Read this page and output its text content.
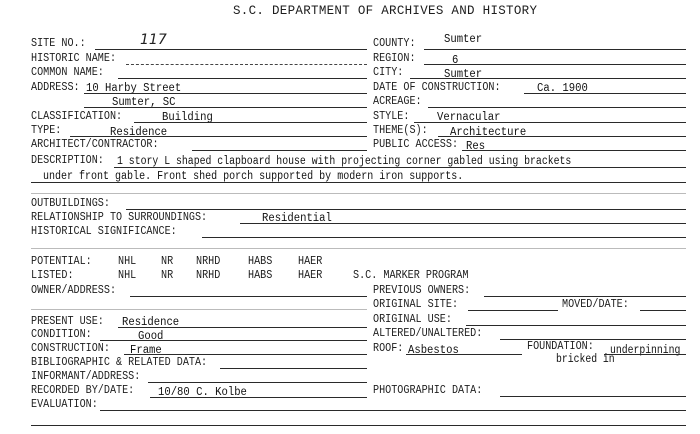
S.C. DEPARTMENT OF ARCHIVES AND HISTORY
SITE NO.:	117
HISTORIC NAME:
COMMON NAME:
ADDRESS: 10 Harby Street
Sumter, SC
CLASSIFICATION:	Building
TYPE:	Residence
ARCHITECT/CONTRACTOR:
COUNTY: Sumter
REGION:	6
CITY:	Sumter
DATE OF CONSTRUCTION:	Ca. 1900
ACREAGE:
STYLE: Vernacular
THEME(S): Architecture
PUBLIC ACCESS: Res
DESCRIPTION: 1 story L shaped clapboard house with projecting corner gabled using brackets
under front gable. Front shed porch supported by modern iron supports.
OUTBUILDINGS:
RELATIONSHIP TO SURROUNDINGS:	Residential
HISTORICAL SIGNIFICANCE:
POTENTIAL: NHL NR NRHD HABS HAER
LISTED:	NHL NR NRHD HABS HAER	S.C. MARKER PROGRAM
OWNER/ADDRESS:
PRESENT USE: Residence
CONDITION:	Good
CONSTRUCTION: Frame
BIBLIOGRAPHIC & RELATED DATA:
INFORMANT/ADDRESS:
RECORDED BY/DATE: 10/80 C. Kolbe
EVALUATION:
PREVIOUS OWNERS:
ORIGINAL SITE:	MOVED/DATE:
ORIGINAL USE:
ALTERED/UNALTERED:
ROOF: Asbestos	FOUNDATION: underpinning
bricked in
PHOTOGRAPHIC DATA:
